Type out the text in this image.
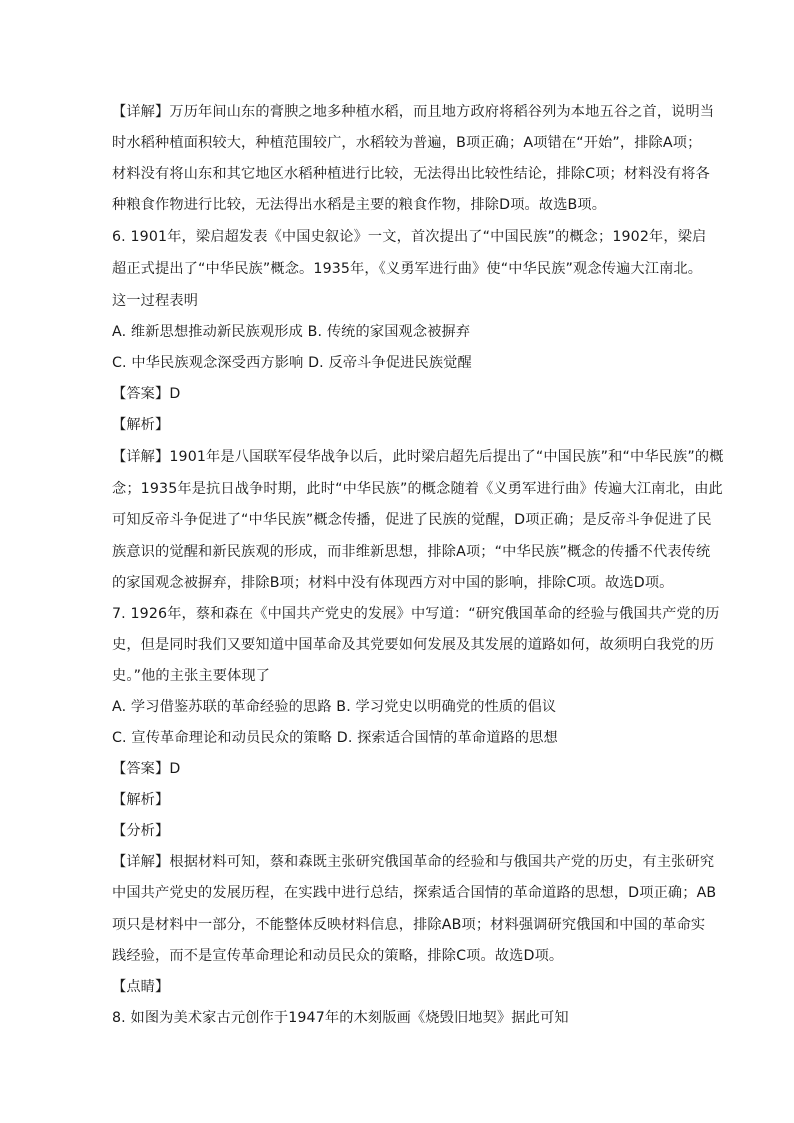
【详解】万历年间山东的膏腴之地多种植水稻，而且地方政府将稻谷列为本地五谷之首，说明当
时水稻种植面积较大，种植范围较广，水稻较为普遍，B项正确；A项错在“开始”，排除A项；
材料没有将山东和其它地区水稻种植进行比较，无法得出比较性结论，排除C项；材料没有将各
种粮食作物进行比较，无法得出水稻是主要的粮食作物，排除D项。故选B项。
6. 1901年，梁启超发表《中国史叙论》一文，首次提出了“中国民族”的概念；1902年，梁启
超正式提出了“中华民族”概念。1935年，《义勇军进行曲》使“中华民族”观念传遍大江南北。
这一过程表明
A. 维新思想推动新民族观形成 B. 传统的家国观念被摒弃
C. 中华民族观念深受西方影响 D. 反帝斗争促进民族觉醒
【答案】D
【解析】
【详解】1901年是八国联军侵华战争以后，此时梁启超先后提出了“中国民族”和“中华民族”的概
念；1935年是抗日战争时期，此时“中华民族”的概念随着《义勇军进行曲》传遍大江南北，由此
可知反帝斗争促进了“中华民族”概念传播，促进了民族的觉醒，D项正确；是反帝斗争促进了民
族意识的觉醒和新民族观的形成，而非维新思想，排除A项；“中华民族”概念的传播不代表传统
的家国观念被摒弃，排除B项；材料中没有体现西方对中国的影响，排除C项。故选D项。
7. 1926年，蔡和森在《中国共产党史的发展》中写道：“研究俄国革命的经验与俄国共产党的历
史，但是同时我们又要知道中国革命及其党要如何发展及其发展的道路如何，故须明白我党的历
史。”他的主张主要体现了
A. 学习借鉴苏联的革命经验的思路 B. 学习党史以明确党的性质的倡议
C. 宣传革命理论和动员民众的策略 D. 探索适合国情的革命道路的思想
【答案】D
【解析】
【分析】
【详解】根据材料可知，蔡和森既主张研究俄国革命的经验和与俄国共产党的历史，有主张研究
中国共产党史的发展历程，在实践中进行总结，探索适合国情的革命道路的思想，D项正确；AB
项只是材料中一部分，不能整体反映材料信息，排除AB项；材料强调研究俄国和中国的革命实
践经验，而不是宣传革命理论和动员民众的策略，排除C项。故选D项。
【点睛】
8. 如图为美术家古元创作于1947年的木刻版画《烧毁旧地契》据此可知
